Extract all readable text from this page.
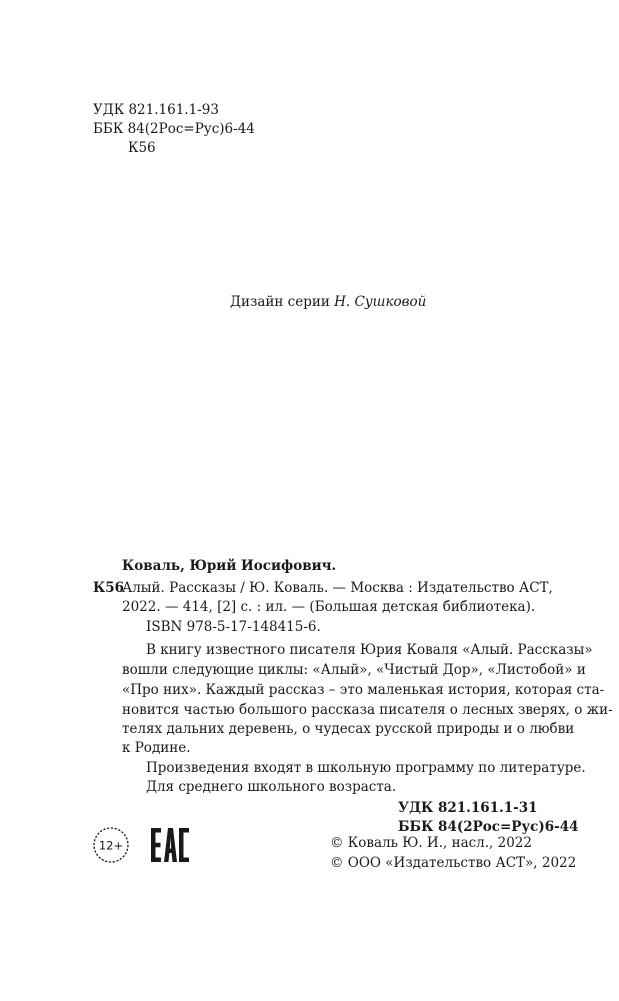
УДК 821.161.1-93
ББК 84(2Рос=Рус)6-44
К56
Дизайн серии Н. Сушковой
Коваль, Юрий Иосифович.
К56
Алый. Рассказы / Ю. Коваль. — Москва : Издательство АСТ,
2022. — 414, [2] с. : ил. — (Большая детская библиотека).
ISBN 978-5-17-148415-6.
В книгу известного писателя Юрия Коваля «Алый. Рассказы»
вошли следующие циклы: «Алый», «Чистый Дор», «Листобой» и
«Про них». Каждый рассказ – это маленькая история, которая ста-
новится частью большого рассказа писателя о лесных зверях, о жи-
телях дальних деревень, о чудесах русской природы и о любви
к Родине.
Произведения входят в школьную программу по литературе.
Для среднего школьного возраста.
УДК 821.161.1-31
ББК 84(2Рос=Рус)6-44
12+	© Коваль Ю. И., насл., 2022
© ООО «Издательство АСТ», 2022
